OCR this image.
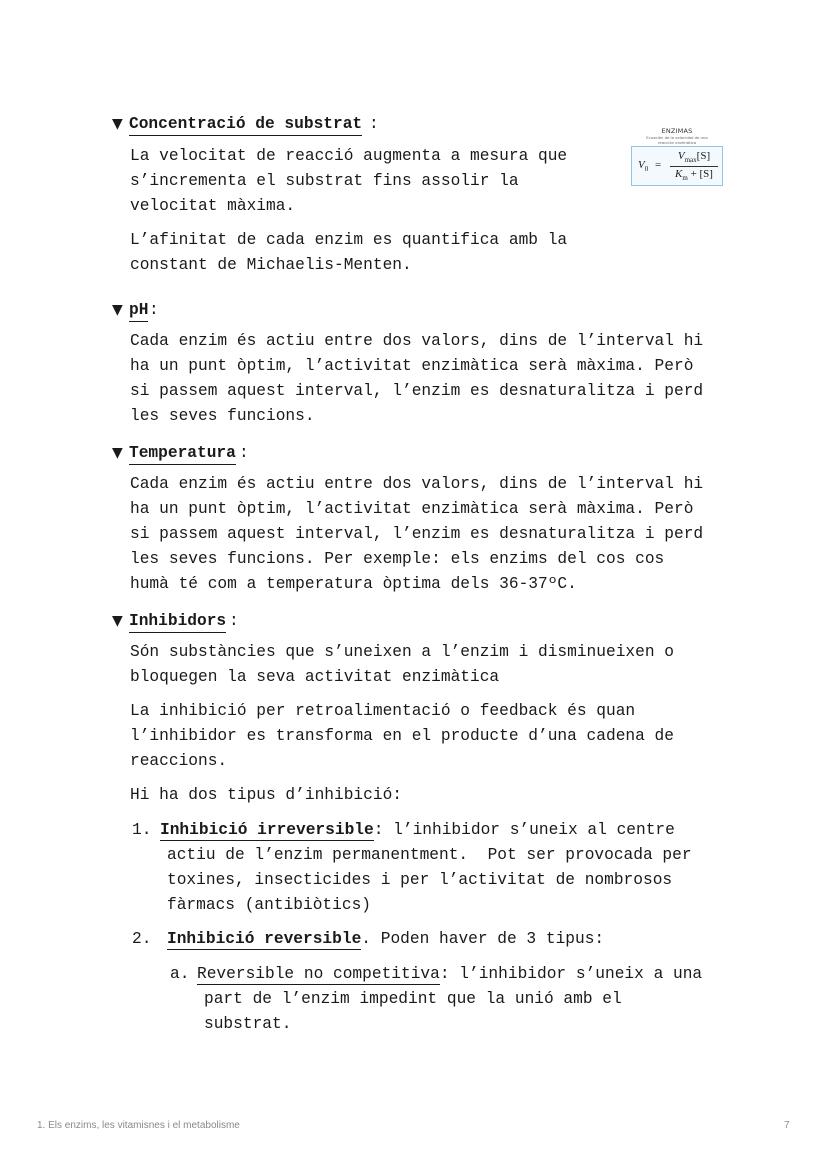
ENZIMAS
Ecuación de la velocidad de una reacción enzimática
$V_0$ =
$V_{max}[S]$
$K_m + [S]$
▼ Concentració de substrat :

La velocitat de reacció augmenta a mesura que
s’incrementa el substrat fins assolir la
velocitat màxima.

L’afinitat de cada enzim es quantifica amb la
constant de Michaelis-Menten.

▼ pH :

Cada enzim és actiu entre dos valors, dins de l’interval hi
ha un punt òptim, l’activitat enzimàtica serà màxima. Però
si passem aquest interval, l’enzim es desnaturalitza i perd
les seves funcions.

▼ Temperatura :

Cada enzim és actiu entre dos valors, dins de l’interval hi
ha un punt òptim, l’activitat enzimàtica serà màxima. Però
si passem aquest interval, l’enzim es desnaturalitza i perd
les seves funcions. Per exemple: els enzims del cos cos
humà té com a temperatura òptima dels 36-37ºC.

▼ Inhibidors :

Són substàncies que s’uneixen a l’enzim i disminueixen o
bloquegen la seva activitat enzimàtica

La inhibició per retroalimentació o feedback és quan
l’inhibidor es transforma en el producte d’una cadena de
reaccions.

Hi ha dos tipus d’inhibició:

1. Inhibició irreversible: l’inhibidor s’uneix al centre

actiu de l’enzim permanentment.  Pot ser provocada per
toxines, insecticides i per l’activitat de nombrosos
fàrmacs (antibiòtics)

2. Inhibició reversible. Poden haver de 3 tipus:

a. Reversible no competitiva: l’inhibidor s’uneix a una

part de l’enzim impedint que la unió amb el
substrat.

1. Els enzims, les vitamisnes i el metabolisme	7
